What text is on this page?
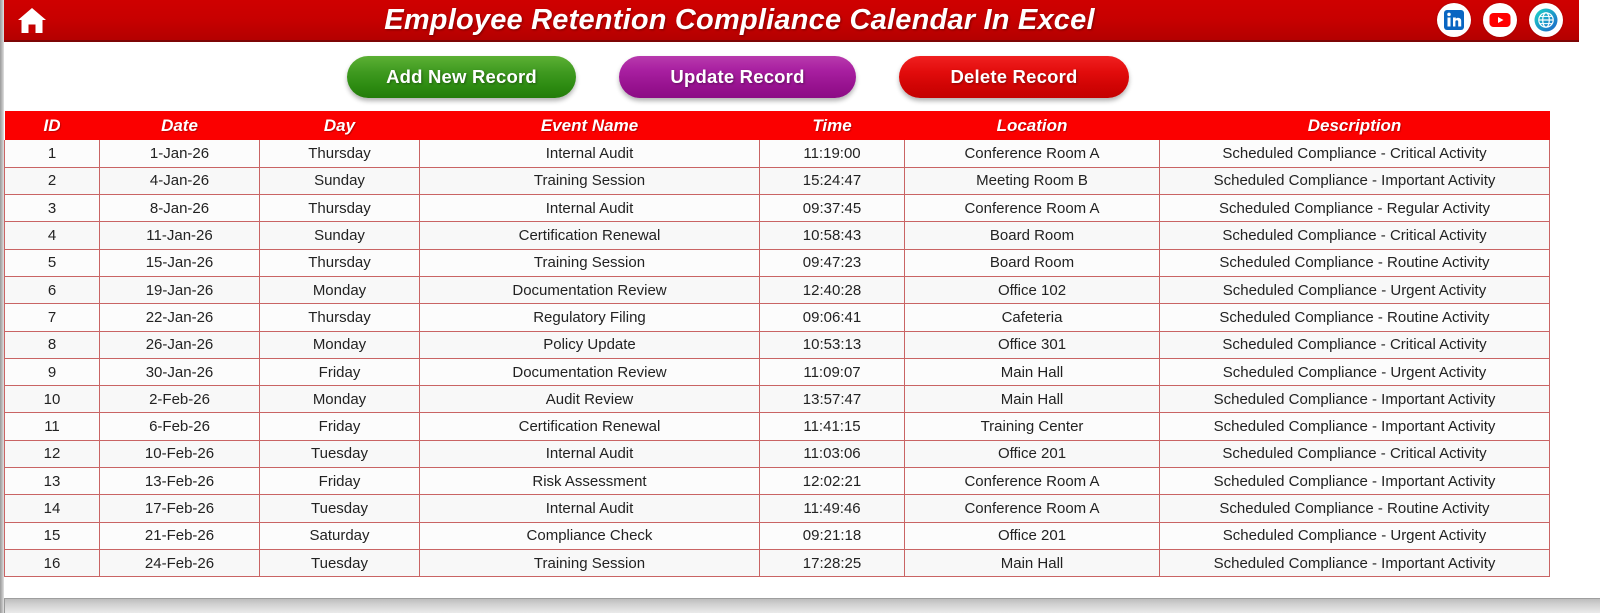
Employee Retention Compliance Calendar In Excel
Add New Record	Update Record	Delete Record
ID	Date	Day	Event Name	Time	Location	Description	
1	1-Jan-26	Thursday	Internal Audit	11:19:00	Conference Room A	Scheduled Compliance - Critical Activity	
2	4-Jan-26	Sunday	Training Session	15:24:47	Meeting Room B	Scheduled Compliance - Important Activity	
3	8-Jan-26	Thursday	Internal Audit	09:37:45	Conference Room A	Scheduled Compliance - Regular Activity	
4	11-Jan-26	Sunday	Certification Renewal	10:58:43	Board Room	Scheduled Compliance - Critical Activity	
5	15-Jan-26	Thursday	Training Session	09:47:23	Board Room	Scheduled Compliance - Routine Activity	
6	19-Jan-26	Monday	Documentation Review	12:40:28	Office 102	Scheduled Compliance - Urgent Activity	
7	22-Jan-26	Thursday	Regulatory Filing	09:06:41	Cafeteria	Scheduled Compliance - Routine Activity	
8	26-Jan-26	Monday	Policy Update	10:53:13	Office 301	Scheduled Compliance - Critical Activity	
9	30-Jan-26	Friday	Documentation Review	11:09:07	Main Hall	Scheduled Compliance - Urgent Activity	
10	2-Feb-26	Monday	Audit Review	13:57:47	Main Hall	Scheduled Compliance - Important Activity	
11	6-Feb-26	Friday	Certification Renewal	11:41:15	Training Center	Scheduled Compliance - Important Activity	
12	10-Feb-26	Tuesday	Internal Audit	11:03:06	Office 201	Scheduled Compliance - Critical Activity	
13	13-Feb-26	Friday	Risk Assessment	12:02:21	Conference Room A	Scheduled Compliance - Important Activity	
14	17-Feb-26	Tuesday	Internal Audit	11:49:46	Conference Room A	Scheduled Compliance - Routine Activity	
15	21-Feb-26	Saturday	Compliance Check	09:21:18	Office 201	Scheduled Compliance - Urgent Activity	
16	24-Feb-26	Tuesday	Training Session	17:28:25	Main Hall	Scheduled Compliance - Important Activity	
